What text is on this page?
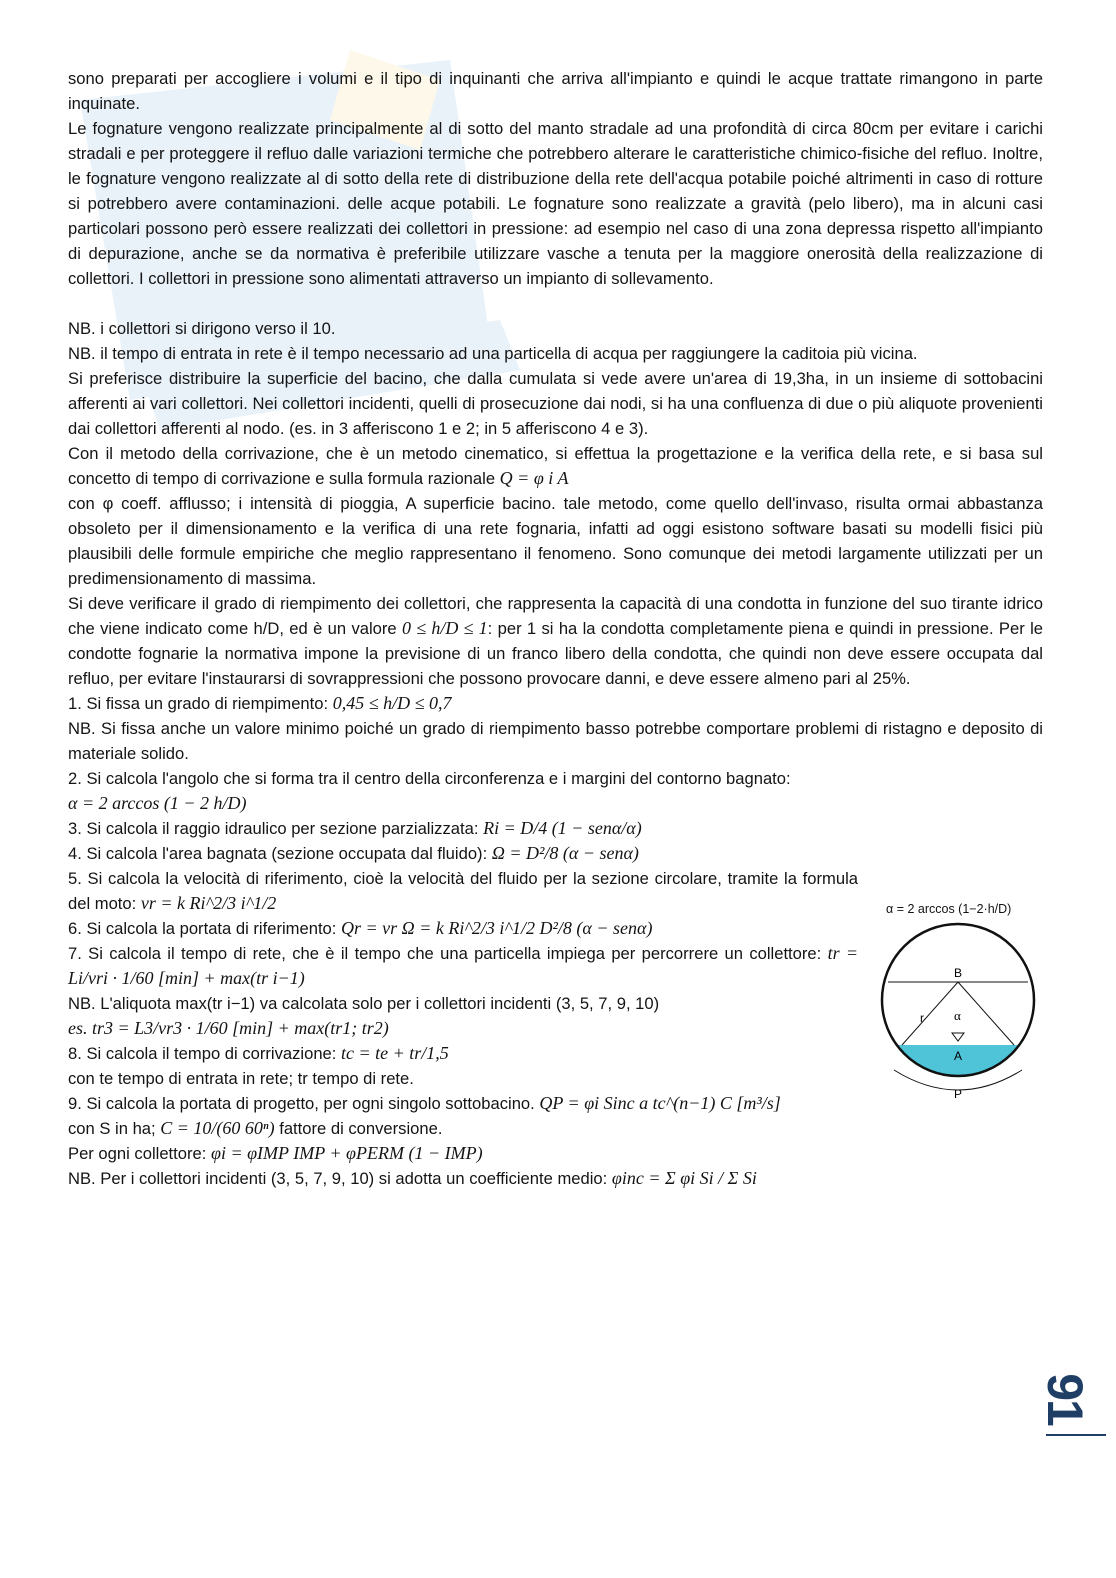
sono preparati per accogliere i volumi e il tipo di inquinanti che arriva all'impianto e quindi le acque trattate rimangono in parte inquinate.

Le fognature vengono realizzate principalmente al di sotto del manto stradale ad una profondità di circa 80cm per evitare i carichi stradali e per proteggere il refluo dalle variazioni termiche che potrebbero alterare le caratteristiche chimico-fisiche del refluo. Inoltre, le fognature vengono realizzate al di sotto della rete di distribuzione della rete dell'acqua potabile poiché altrimenti in caso di rotture si potrebbero avere contaminazioni. delle acque potabili. Le fognature sono realizzate a gravità (pelo libero), ma in alcuni casi particolari possono però essere realizzati dei collettori in pressione: ad esempio nel caso di una zona depressa rispetto all'impianto di depurazione, anche se da normativa è preferibile utilizzare vasche a tenuta per la maggiore onerosità della realizzazione di collettori. I collettori in pressione sono alimentati attraverso un impianto di sollevamento.

NB. i collettori si dirigono verso il 10.

NB. il tempo di entrata in rete è il tempo necessario ad una particella di acqua per raggiungere la caditoia più vicina.

Si preferisce distribuire la superficie del bacino, che dalla cumulata si vede avere un'area di 19,3ha, in un insieme di sottobacini afferenti ai vari collettori. Nei collettori incidenti, quelli di prosecuzione dai nodi, si ha una confluenza di due o più aliquote provenienti dai collettori afferenti al nodo. (es. in 3 afferiscono 1 e 2; in 5 afferiscono 4 e 3).

Con il metodo della corrivazione, che è un metodo cinematico, si effettua la progettazione e la verifica della rete, e si basa sul concetto di tempo di corrivazione e sulla formula razionale Q = φ i A

con φ coeff. afflusso; i intensità di pioggia, A superficie bacino. tale metodo, come quello dell'invaso, risulta ormai abbastanza obsoleto per il dimensionamento e la verifica di una rete fognaria, infatti ad oggi esistono software basati su modelli fisici più plausibili delle formule empiriche che meglio rappresentano il fenomeno. Sono comunque dei metodi largamente utilizzati per un predimensionamento di massima.

Si deve verificare il grado di riempimento dei collettori, che rappresenta la capacità di una condotta in funzione del suo tirante idrico che viene indicato come h/D, ed è un valore 0 ≤ h/D ≤ 1: per 1 si ha la condotta completamente piena e quindi in pressione. Per le condotte fognarie la normativa impone la previsione di un franco libero della condotta, che quindi non deve essere occupata dal refluo, per evitare l'instaurarsi di sovrappressioni che possono provocare danni, e deve essere almeno pari al 25%.

1. Si fissa un grado di riempimento: 0,45 ≤ h/D ≤ 0,7

NB. Si fissa anche un valore minimo poiché un grado di riempimento basso potrebbe comportare problemi di ristagno e deposito di materiale solido.

2. Si calcola l'angolo che si forma tra il centro della circonferenza e i margini del contorno bagnato:

α = 2 arccos (1 − 2 h/D)

3. Si calcola il raggio idraulico per sezione parzializzata: Ri = D/4 (1 − senα/α)

4. Si calcola l'area bagnata (sezione occupata dal fluido): Ω = D²/8 (α − senα)

5. Si calcola la velocità di riferimento, cioè la velocità del fluido per la sezione circolare, tramite la formula del moto: vr = k Ri^2/3 i^1/2

6. Si calcola la portata di riferimento: Qr = vr Ω = k Ri^2/3 i^1/2 D²/8 (α − senα)

7. Si calcola il tempo di rete, che è il tempo che una particella impiega per percorrere un collettore: tr = Li/vri · 1/60 [min] + max(tr i−1)

NB. L'aliquota max(tr i−1) va calcolata solo per i collettori incidenti (3, 5, 7, 9, 10)

es. tr3 = L3/vr3 · 1/60 [min] + max(tr1; tr2)

8. Si calcola il tempo di corrivazione: tc = te + tr/1,5

con te tempo di entrata in rete; tr tempo di rete.

9. Si calcola la portata di progetto, per ogni singolo sottobacino. QP = φi Sinc a tc^(n−1) C [m³/s]

con S in ha; C = 10/(60 60ⁿ) fattore di conversione.

Per ogni collettore: φi = φIMP IMP + φPERM (1 − IMP)

NB. Per i collettori incidenti (3, 5, 7, 9, 10) si adotta un coefficiente medio: φinc = Σ φi Si / Σ Si

α = 2 arccos (1−2·h/D)
B
r α
A
P
91
